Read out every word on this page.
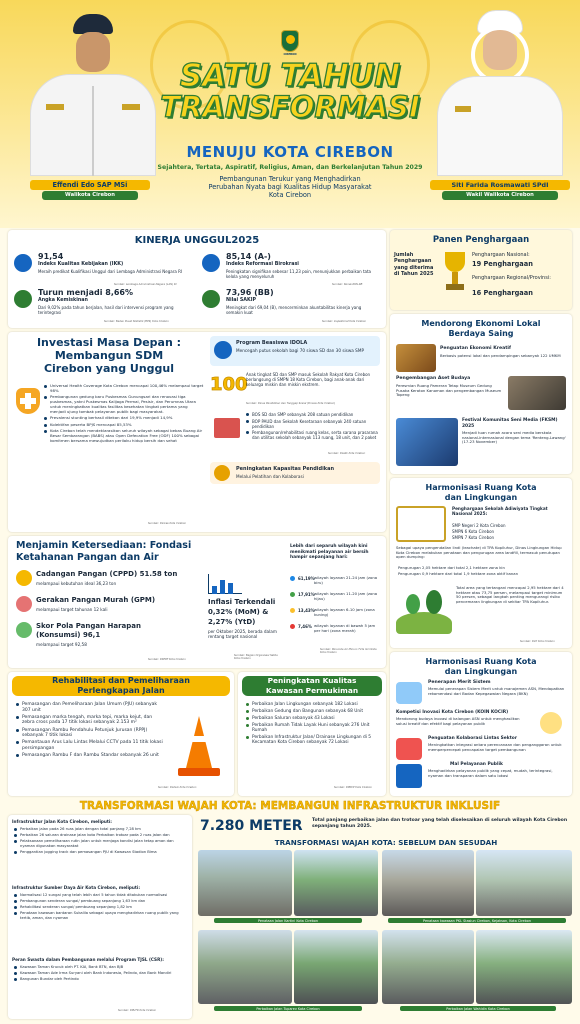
Effendi Edo SAP MSi
Walikota Cirebon
Siti Farida Rosmawati SPdI
Wakil Walikota Cirebon
CIREBON
SATU TAHUN
TRANSFORMASI
MENUJU KOTA CIREBON
Sejahtera, Tertata, Aspiratif, Religius, Aman, dan Berkelanjutan Tahun 2029
Pembangunan Terukur yang Menghadirkan Perubahan Nyata bagi Kualitas Hidup Masyarakat Kota Cirebon
KINERJA UNGGUL2025
91,54
Indeks Kualitas Kebijakan (IKK)
Meraih predikat Kualifikasi Unggul dari Lembaga Administrasi Negara RI
Sumber: Lembaga Administrasi Negara (LAN) RI
85,14 (A-)
Indeks Reformasi Birokrasi
Peningkatan signifikan sebesar 11,23 poin, menunjukkan perbaikan tata kelola yang menyeluruh
Sumber: KemenPAN-RB
Turun menjadi 8,66%
Angka Kemiskinan
Dari 9,02% pada tahun berjalan, hasil dari intervensi program yang terintegrasi
Sumber: Badan Pusat Statistik (BPS) Kota Cirebon
73,96 (BB)
Nilai SAKIP
Meningkat dari 69,04 (B), mencerminkan akuntabilitas kinerja yang semakin kuat
Sumber: Inspektorat Kota Cirebon
Panen Penghargaan
Jumlah Penghargaan yang diterima di Tahun 2025
Penghargaan Nasional:
19 Penghargaan
Penghargaan Regional/Provinsi:
16 Penghargaan
Investasi Masa Depan :
Membangun SDM
Cirebon yang Unggul
Universal Health Coverage Kota Cirebon mencapai 100,46% melampaui target 98%
Pembangunan gedung baru Puskesmas Gunungsari dan renovasi tiga puskesmas, yakni Puskesmas Kalijaga Permai, Pesisir, dan Perumnas Utara untuk meningkatkan kualitas fasilitas kesehatan tingkat pertama yang menjadi ujung tombak pelayanan publik bagi masyarakat.
Prevalensi stunting berhasil ditekan dari 19,9% menjadi 14,9%
Kolektifan peserta BPJS mencapai 85,53%
Kota Cirebon telah mendeklarasikan seluruh wilayah sebagai bebas Buang Air Besar Sembarangan (BABS) atau Open Defecation Free (ODF) 100% sebagai komitmen bersama mewujudkan perilaku hidup bersih dan sehat
Sumber: Dinkes Kota Cirebon
Program Beasiswa IDOLA
Mencegah putus sekolah bagi 70 siswa SD dan 30 siswa SMP
100
Anak tingkat SD dan SMP masuk Sekolah Rakyat Kota Cirebon berlangsung di SMPN 18 Kota Cirebon, bagi anak-anak dari keluarga miskin dan miskin ekstrem.
Sumber: Dinas Pendidikan dan Tanggap Sosial (Dinsos Kota Cirebon)
BOS SD dan SMP sebanyak 208 satuan pendidikan
BOP PAUD dan Sekolah Kesetaraan sebanyak 240 satuan pendidikan
Pembangunan/rehabilitasi ruang kelas, serta sarana prasarana dan utilitas sekolah sebanyak 113 ruang, 18 unit, dan 2 paket
Sumber: Disdik Kota Cirebon
Peningkatan Kapasitas Pendidikan
Melalui Pelatihan dan Kolaborasi
Mendorong Ekonomi Lokal
Berdaya Saing
Penguatan Ekonomi Kreatif
Berbasis potensi lokal dan pendampingan sebanyak 122 UMKM
Pengembangan Aset Budaya
Peresmian Ruang Pameran Tetap Museum Gedung Pusaka Keraton Kanoman dan pengembangan Museum Topeng
Festival Komunitas Seni Media (FKSM) 2025
Menjadi tuan rumah acara seni media berskala nasional-internasional dengan tema 'Renteng-Lawang' (17-23 November)
Harmonisasi Ruang Kota
dan Lingkungan
Penghargaan Sekolah Adiwiyata Tingkat Nasional 2025:
SMP Negeri 2 Kota Cirebon
SMPN 6 Kota Cirebon
SMPN 7 Kota Cirebon
Sebagai upaya pengendalian lindi (leachate) di TPA Kopiluhur, Dinas Lingkungan Hidup Kota Cirebon melakukan penataan dan pengurugan area landfill, termasuk penutupan open dumping:
Pengurugan 2,05 hektare dari total 2,1 hektare zona kin
Pengurugan 0,9 hektare dari total 1,9 hektare zona aktif kanan
Total area yang tertangani mencapai 2,95 hektare dari 4 hektare atau 73,75 persen, melampaui target minimum 50 persen, sebagai langkah penting mengurangi risiko pencemaran lingkungan di sekitar TPA Kopiluhur.
Sumber: DLH Kota Cirebon
Menjamin Ketersediaan: Fondasi
Ketahanan Pangan dan Air
Cadangan Pangan (CPPD) 51.58 ton
melampaui kebutuhan ideal 36,23 ton
Gerakan Pangan Murah (GPM)
melampaui target tahunan 12 kali
Skor Pola Pangan Harapan (Konsumsi) 96,1
melampaui target 92,58
Sumber: DKPPP Kota Cirebon
Inflasi Terkendali
0,32% (MoM) &
2,27% (YtD)
per Oktober 2025, berada dalam rentang target nasional
Sumber: Bagian Organisasi Setda Kota Cirebon
Lebih dari separuh wilayah kini menikmati pelayanan air bersih hampir sepanjang hari:
61,19% wilayah layanan 21-24 jam (zona biru)
17,91% wilayah layanan 11-20 jam (zona hijau)
13,43% wilayah layanan 6-10 jam (zona kuning)
7,46% wilayah layanan di bawah 5 jam per hari (zona merah)
Sumber: Perumda Air Minum Tirta Giri Nata Kota Cirebon
Rehabilitasi dan Pemeliharaan
Perlengkapan Jalan
Pemasangan dan Pemeliharaan Jalan Umum (PJU) sebanyak 307 unit
Pemasangan marka tengah, marka tepi, marka kejut, dan zebra cross pada 17 titik lokasi sebanyak 2.153 m²
Pemasangan Rambu Pendahulu Petunjuk Jurusan (RPPJ) sebanyak 7 titik lokasi
Pemantauan Arus Lalu Lintas Melalui CCTV pada 11 titik lokasi persimpangan
Pemasangan Rambu F dan Rambu Standar sebanyak 26 unit
Sumber: Dishub Kota Cirebon
Peningkatan Kualitas
Kawasan Permukiman
Perbaikan Jalan Lingkungan sebanyak 182 Lokasi
Perbaikan Gedung dan Bangunan sebanyak 68 Unit
Perbaikan Saluran sebanyak 43 Lokasi
Perbaikan Rumah Tidak Layak Huni sebanyak 276 Unit Rumah
Perbaikan Infrastruktur Jalan/ Drainase Lingkungan di 5 Kecamatan Kota Cirebon sebanyak 72 Lokasi
Sumber: DPRKP Kota Cirebon
Harmonisasi Ruang Kota
dan Lingkungan
Penerapan Merit Sistem
Memulai penerapan Sistem Merit untuk manajemen ASN, Mendapatkan rekomendasi dari Badan Kepegawaian Negara (BKN)
Kompetisi Inovasi Kota Cirebon (KOIN KOCIR)
Mendorong budaya inovasi di kalangan ASN untuk menghasilkan solusi kreatif dan efektif bagi pelayanan publik
Penguatan Kolaborasi Lintas Sektor
Meningkatkan integrasi antara perencanaan dan penganggaran untuk memperpercepat pencapaian target pembangunan
Mal Pelayanan Publik
Menghadirkan pelayanan publik yang cepat, mudah, terintegrasi, nyaman dan transparan dalam satu lokasi
TRANSFORMASI WAJAH KOTA: MEMBANGUN INFRASTRUKTUR INKLUSIF
Infrastruktur Jalan Kota Cirebon, meliputi:
Perbaikan jalan pada 26 ruas jalan dengan total panjang 7,28 km
Perbaikan 26 saluran drainase jalan kota Perbaikan trotoar pada 2 ruas jalan dan
Pelaksanaan pemeliharaan rutin jalan untuk menjaga kondisi jalan tetap aman dan nyaman digunakan masyarakat
Penggantian jogging track dan pemasangan PJU di Kawasan Stadion Bima
Infrastruktur Sumber Daya Air Kota Cirebon, meliputi:
Normalisasi 12 sungai yang telah lebih dari 5 tahun tidak ditakukan normalisasi
Pembangunan senderan sungai/ pembuang sepanjang 1,63 km dan
Rehabilitasi senderan sungai/ pembuang sepanjang 1,82 km
Penataan kawasan bantaran Sukalila sebagai upaya menghadirkan ruang publik yang tertib, aman, dan nyaman
Peran Swasta dalam Pembangunan melalui Program TJSL (CSR):
Kawasan Taman Krucuk oleh PT. KAI, Bank BTN, dan BJB
Kawasan Taman Ade Irma Suryani oleh Bank Indonesia, Pelindo, dan Bank Mandiri
Bangunan Bundar oleh Pertindo
Sumber: DPUTR Kota Cirebon
7.280 METER Total panjang perbaikan jalan dan trotoar yang telah diselesaikan di seluruh wilayah Kota Cirebon sepanjang tahun 2025.
TRANSFORMASI WAJAH KOTA: SEBELUM DAN SESUDAH
Penataan Jalan Kartini Kota Cirebon	Penataan kawasan PKL Stasiun Cirebon, Kejaksan, Kota Cirebon
Perbaikan Jalan Tuparev Kota Cirebon	Perbaikan Jalan Wahidin Kota Cirebon
